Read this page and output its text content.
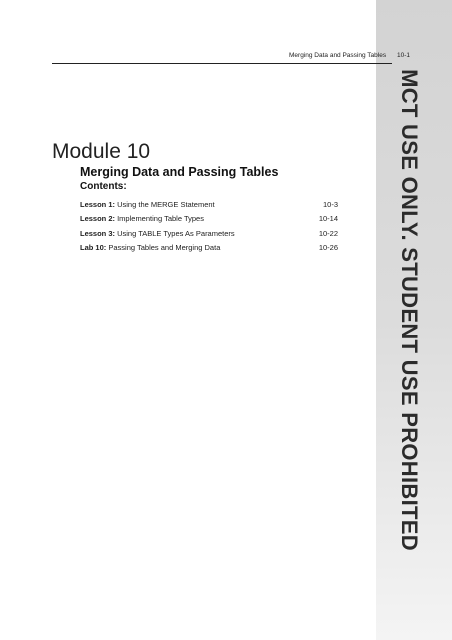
MCT USE ONLY. STUDENT USE PROHIBITED
Merging Data and Passing Tables 10-1
Module 10
Merging Data and Passing Tables
Contents:
Lesson 1: Using the MERGE Statement	10-3
Lesson 2: Implementing Table Types	10-14
Lesson 3: Using TABLE Types As Parameters	10-22
Lab 10: Passing Tables and Merging Data	10-26
